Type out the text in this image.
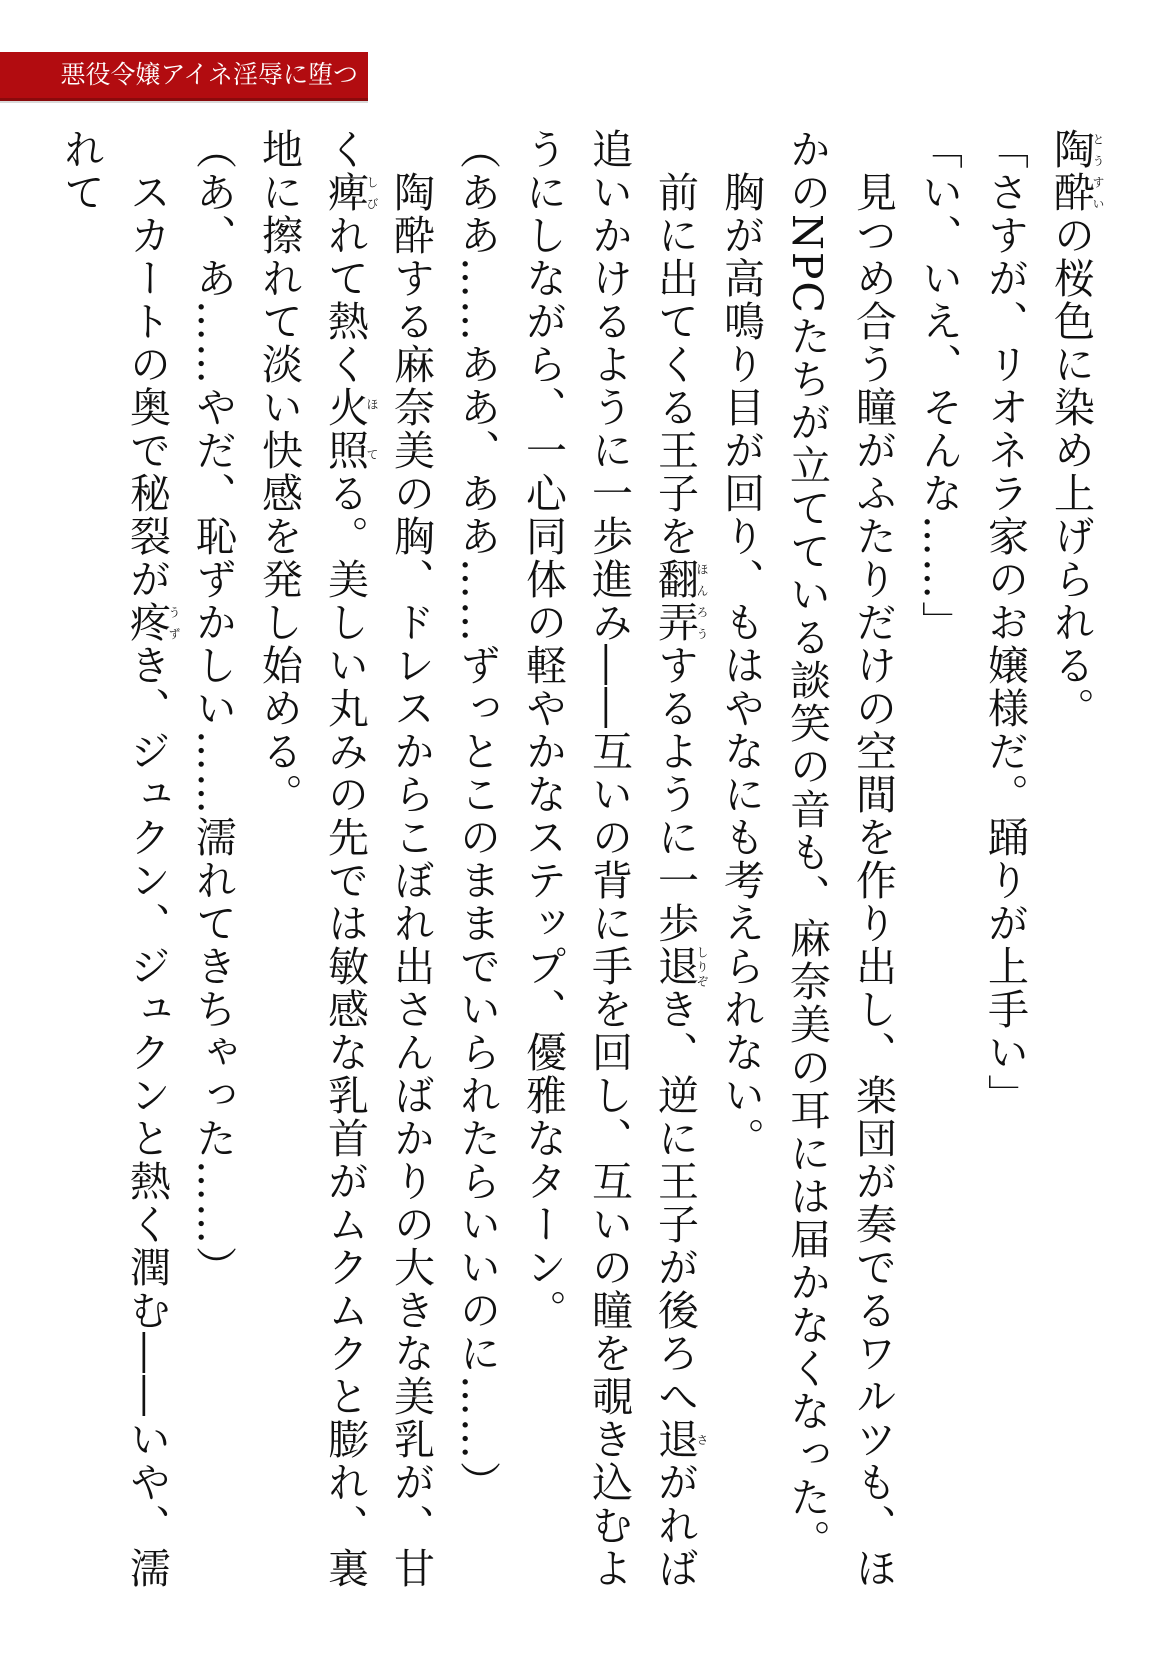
悪役令嬢アイネ淫辱に堕つ

陶酔とうすいの桜色に染め上げられる。

「さすが、リオネラ家のお嬢様だ。踊りが上手い」

「い、いえ、そんな……」

　見つめ合う瞳がふたりだけの空間を作り出し、楽団が奏でるワルツも、ほかのNPCたちが立てている談笑の音も、麻奈美の耳には届かなくなった。

　胸が高鳴り目が回り、もはやなにも考えられない。

　前に出てくる王子を翻弄ほんろうするように一歩退しりぞき、逆に王子が後ろへ退さがれば追いかけるように一歩進み――互いの背に手を回し、互いの瞳を覗き込むようにしながら、一心同体の軽やかなステップ、優雅なターン。

（ああ……ああ、ああ……ずっとこのままでいられたらいいのに……）

　陶酔する麻奈美の胸、ドレスからこぼれ出さんばかりの大きな美乳が、甘く痺しびれて熱く火照ほてる。美しい丸みの先では敏感な乳首がムクムクと膨れ、裏地に擦れて淡い快感を発し始める。

（あ、あ……やだ、恥ずかしい……濡れてきちゃった……）

　スカートの奥で秘裂が疼うずき、ジュクン、ジュクンと熱く潤む――いや、濡れて
